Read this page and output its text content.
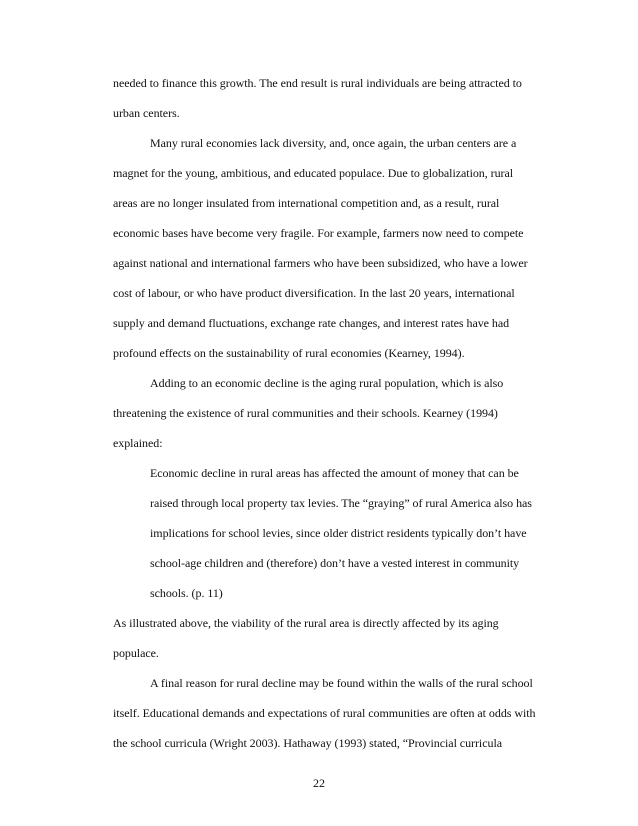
needed to finance this growth. The end result is rural individuals are being attracted to
urban centers.
Many rural economies lack diversity, and, once again, the urban centers are a
magnet for the young, ambitious, and educated populace. Due to globalization, rural
areas are no longer insulated from international competition and, as a result, rural
economic bases have become very fragile. For example, farmers now need to compete
against national and international farmers who have been subsidized, who have a lower
cost of labour, or who have product diversification. In the last 20 years, international
supply and demand fluctuations, exchange rate changes, and interest rates have had
profound effects on the sustainability of rural economies (Kearney, 1994).
Adding to an economic decline is the aging rural population, which is also
threatening the existence of rural communities and their schools. Kearney (1994)
explained:
Economic decline in rural areas has affected the amount of money that can be
raised through local property tax levies. The “graying” of rural America also has
implications for school levies, since older district residents typically don’t have
school-age children and (therefore) don’t have a vested interest in community
schools. (p. 11)
As illustrated above, the viability of the rural area is directly affected by its aging
populace.
A final reason for rural decline may be found within the walls of the rural school
itself. Educational demands and expectations of rural communities are often at odds with
the school curricula (Wright 2003). Hathaway (1993) stated, “Provincial curricula
22
